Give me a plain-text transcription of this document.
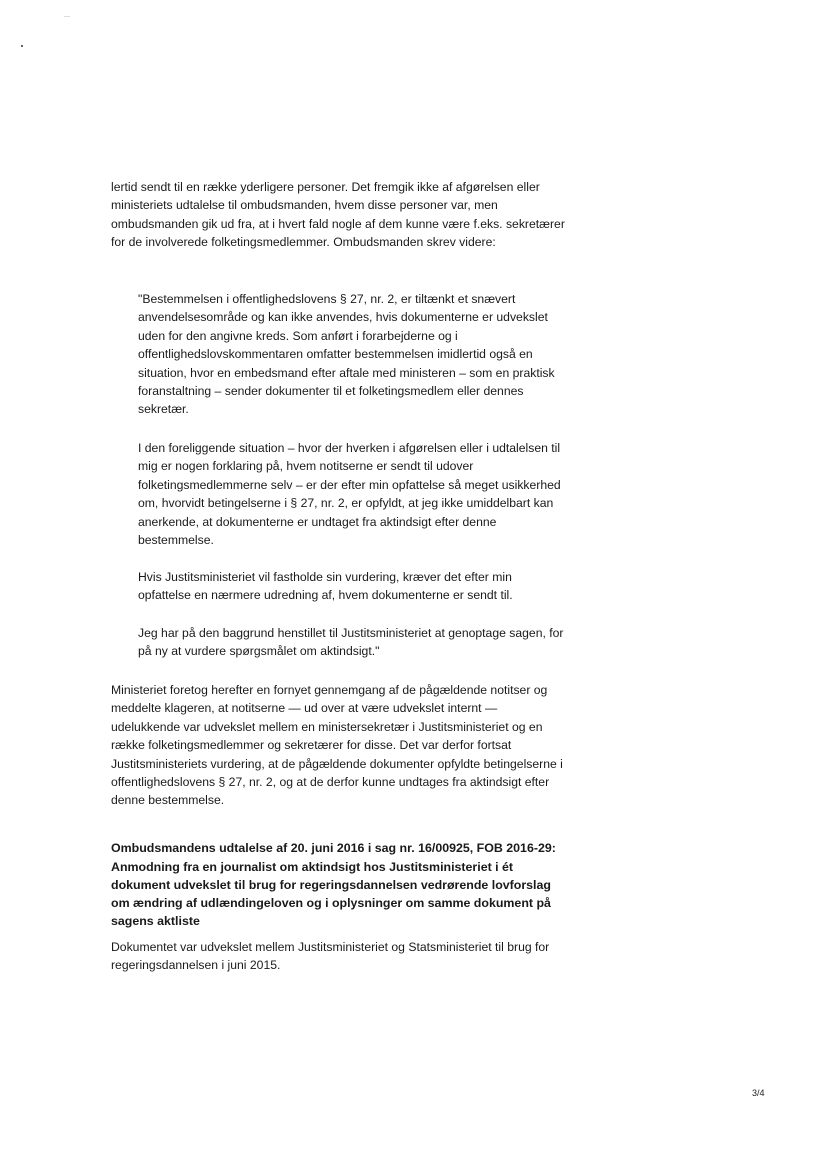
lertid sendt til en række yderligere personer. Det fremgik ikke af afgørelsen eller ministeriets udtalelse til ombudsmanden, hvem disse personer var, men ombudsmanden gik ud fra, at i hvert fald nogle af dem kunne være f.eks. sekretærer for de involverede folketingsmedlemmer. Ombudsmanden skrev videre:

"Bestemmelsen i offentlighedslovens § 27, nr. 2, er tiltænkt et snævert anvendelsesområde og kan ikke anvendes, hvis dokumenterne er udvekslet uden for den angivne kreds. Som anført i forarbejderne og i offentlighedslovskommentaren omfatter bestemmelsen imidlertid også en situation, hvor en embedsmand efter aftale med ministeren – som en praktisk foranstaltning – sender dokumenter til et folketingsmedlem eller dennes sekretær.

I den foreliggende situation – hvor der hverken i afgørelsen eller i udtalelsen til mig er nogen forklaring på, hvem notitserne er sendt til udover folketingsmedlemmerne selv – er der efter min opfattelse så meget usikkerhed om, hvorvidt betingelserne i § 27, nr. 2, er opfyldt, at jeg ikke umiddelbart kan anerkende, at dokumenterne er undtaget fra aktindsigt efter denne bestemmelse.

Hvis Justitsministeriet vil fastholde sin vurdering, kræver det efter min opfattelse en nærmere udredning af, hvem dokumenterne er sendt til.

Jeg har på den baggrund henstillet til Justitsministeriet at genoptage sagen, for på ny at vurdere spørgsmålet om aktindsigt."

Ministeriet foretog herefter en fornyet gennemgang af de pågældende notitser og meddelte klageren, at notitserne — ud over at være udvekslet internt — udelukkende var udvekslet mellem en ministersekretær i Justitsministeriet og en række folketingsmedlemmer og sekretærer for disse. Det var derfor fortsat Justitsministeriets vurdering, at de pågældende dokumenter opfyldte betingelserne i offentlighedslovens § 27, nr. 2, og at de derfor kunne undtages fra aktindsigt efter denne bestemmelse.

Ombudsmandens udtalelse af 20. juni 2016 i sag nr. 16/00925, FOB 2016-29: Anmodning fra en journalist om aktindsigt hos Justitsministeriet i ét dokument udvekslet til brug for regeringsdannelsen vedrørende lovforslag om ændring af udlændingeloven og i oplysninger om samme dokument på sagens aktliste

Dokumentet var udvekslet mellem Justitsministeriet og Statsministeriet til brug for regeringsdannelsen i juni 2015.

3/4
